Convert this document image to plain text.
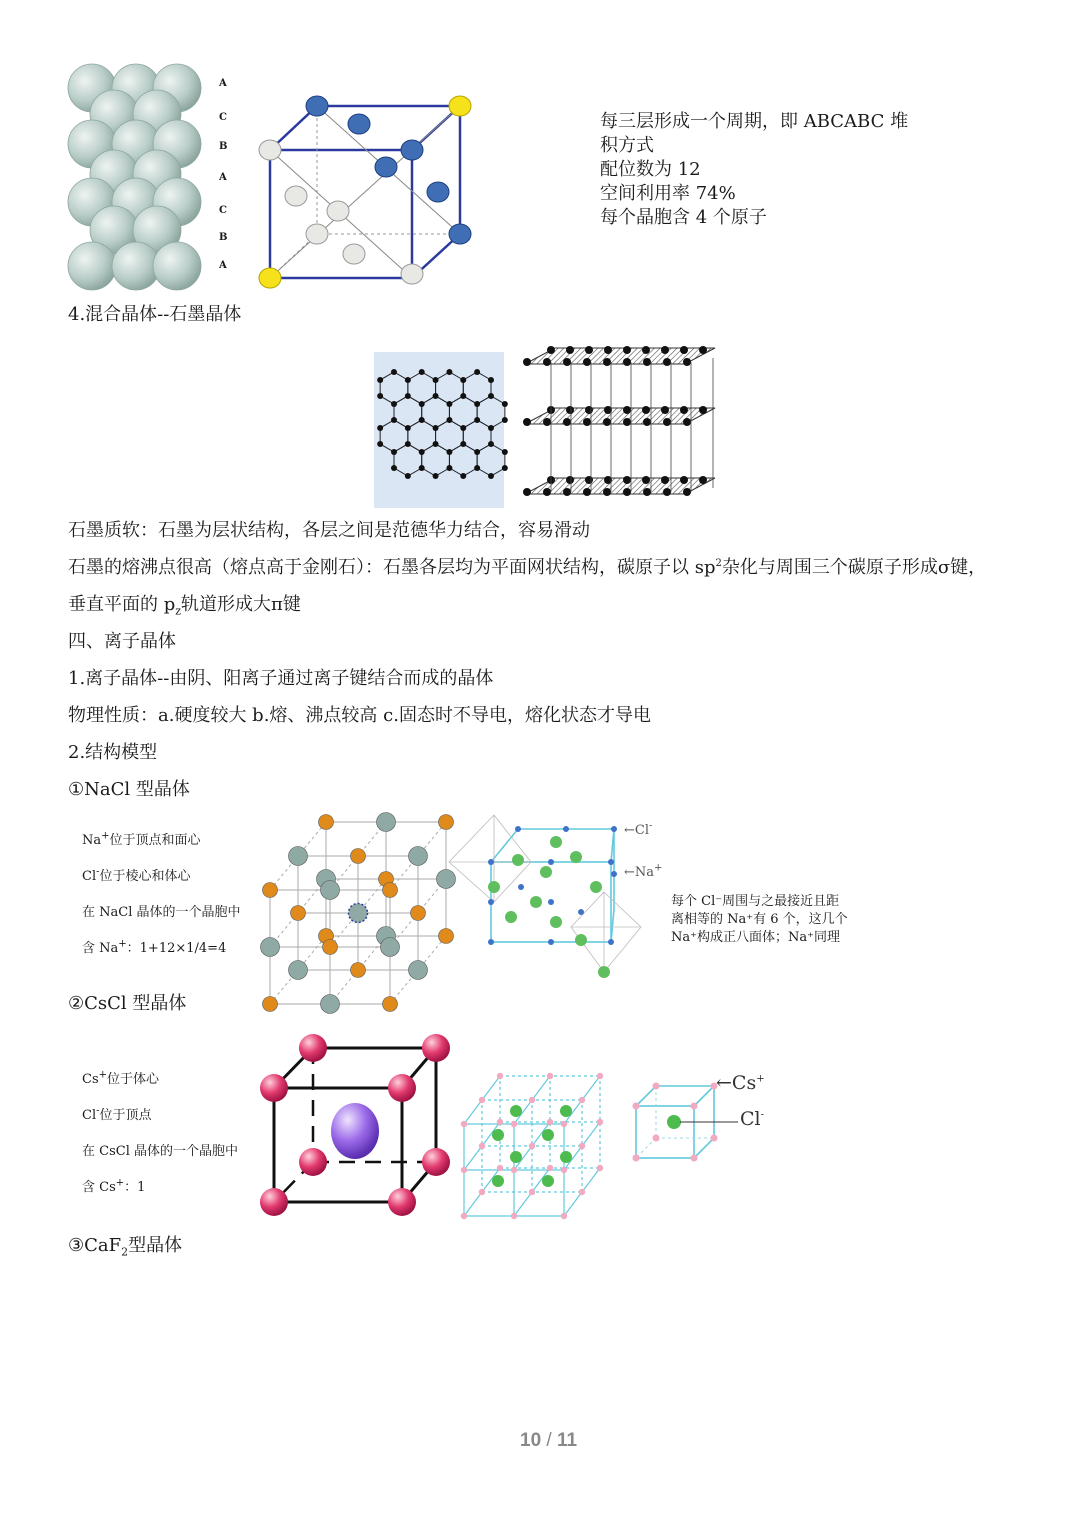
A
C
B
A
C
B
A
每三层形成一个周期，即 ABCABC 堆
积方式
配位数为 12
空间利用率 74%
每个晶胞含 4 个原子
4.混合晶体--石墨晶体
石墨质软：石墨为层状结构，各层之间是范德华力结合，容易滑动
石墨的熔沸点很高（熔点高于金刚石）：石墨各层均为平面网状结构，碳原子以 $sp^2$杂化与周围三个碳原子形成σ键，
垂直平面的 $p_z$轨道形成大π键
四、离子晶体
1.离子晶体--由阴、阳离子通过离子键结合而成的晶体
物理性质：a.硬度较大 b.熔、沸点较高 c.固态时不导电，熔化状态才导电
2.结构模型
①NaCl 型晶体
Na+位于顶点和面心
Cl-位于棱心和体心
在 NaCl 晶体的一个晶胞中
含 Na+：1+12×1/4=4
←Cl-
←Na+
每个 Cl⁻周围与之最接近且距
离相等的 Na⁺有 6 个，这几个
Na⁺构成正八面体；Na⁺同理
②CsCl 型晶体
Cs+位于体心
Cl-位于顶点
在 CsCl 晶体的一个晶胞中
含 Cs+：1
←Cs+
Cl-
③CaF$_2$型晶体
10 / 11
